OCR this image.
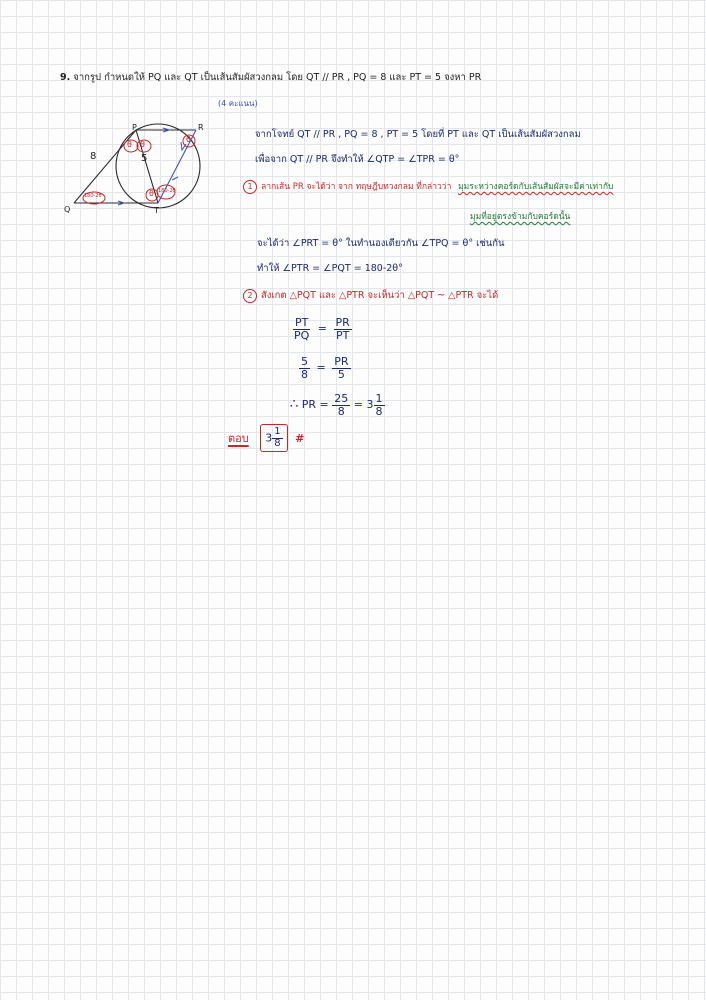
9. จากรูป กำหนดให้ PQ และ QT เป็นเส้นสัมผัสวงกลม โดย QT // PR , PQ = 8 และ PT = 5 จงหา PR
(4 คะแนน)
P	R
Q	T
8	5
θ θ
θ
θ
180-2θ
180-2θ
จากโจทย์ QT // PR , PQ = 8 , PT = 5 โดยที่ PT และ QT เป็นเส้นสัมผัสวงกลม
เพื่อจาก QT // PR จึงทำให้ ∠QTP = ∠TPR = θ°
1 ลากเส้น PR จะได้ว่า จาก ทฤษฎีบทวงกลม ที่กล่าวว่า มุมระหว่างคอร์ดกับเส้นสัมผัสจะมีค่าเท่ากับ
มุมที่อยู่ตรงข้ามกับคอร์ดนั้น
จะได้ว่า ∠PRT = θ° ในทำนองเดียวกัน ∠TPQ = θ° เช่นกัน
ทำให้ ∠PTR = ∠PQT = 180-2θ°
2 สังเกต △PQT และ △PTR จะเห็นว่า △PQT ~ △PTR จะได้
$\frac{PT}{PQ} = \frac{PR}{PT}$
$\frac{5}{8} = \frac{PR}{5}$
∴ PR = $\frac{25}{8} = 3 \frac{1}{8}$
ตอบ $3 \frac{1}{8}$ #
